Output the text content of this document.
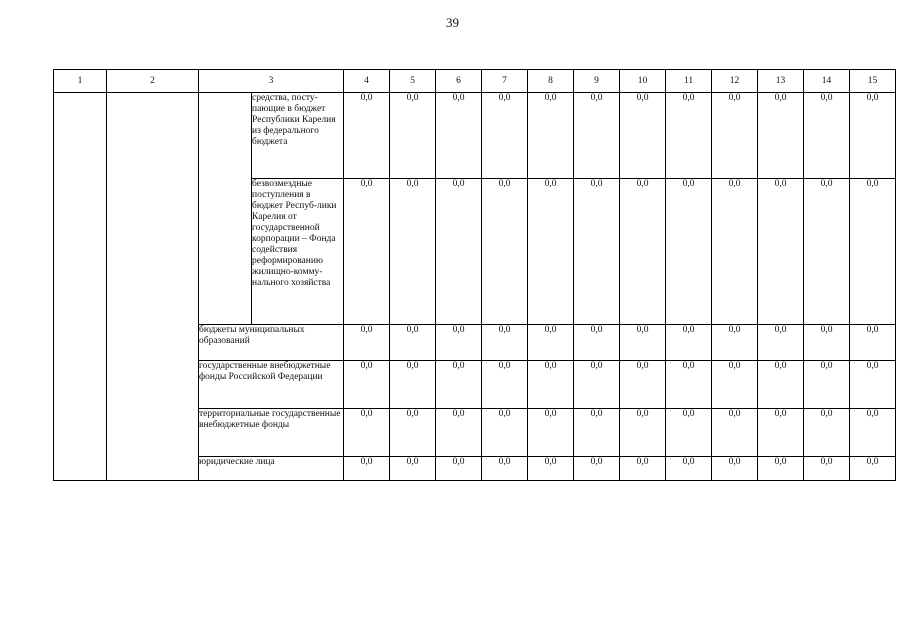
39
1	2	3		4	5	6	7	8	9	10	11	12	13	14	15
			средства, посту-пающие в бюджет Республики Карелия из федерального бюджета	0,0	0,0	0,0	0,0	0,0	0,0	0,0	0,0	0,0	0,0	0,0	0,0
			безвозмездные поступления в бюджет Респуб-лики Карелия от государственной корпорации – Фонда содействия реформированию жилищно-комму-нального хозяйства	0,0	0,0	0,0	0,0	0,0	0,0	0,0	0,0	0,0	0,0	0,0	0,0
		бюджеты муниципальных образований		0,0	0,0	0,0	0,0	0,0	0,0	0,0	0,0	0,0	0,0	0,0	0,0
		государственные внебюджетные фонды Российской Федерации		0,0	0,0	0,0	0,0	0,0	0,0	0,0	0,0	0,0	0,0	0,0	0,0
		территориальные государственные внебюджетные фонды		0,0	0,0	0,0	0,0	0,0	0,0	0,0	0,0	0,0	0,0	0,0	0,0
		юридические лица		0,0	0,0	0,0	0,0	0,0	0,0	0,0	0,0	0,0	0,0	0,0	0,0
